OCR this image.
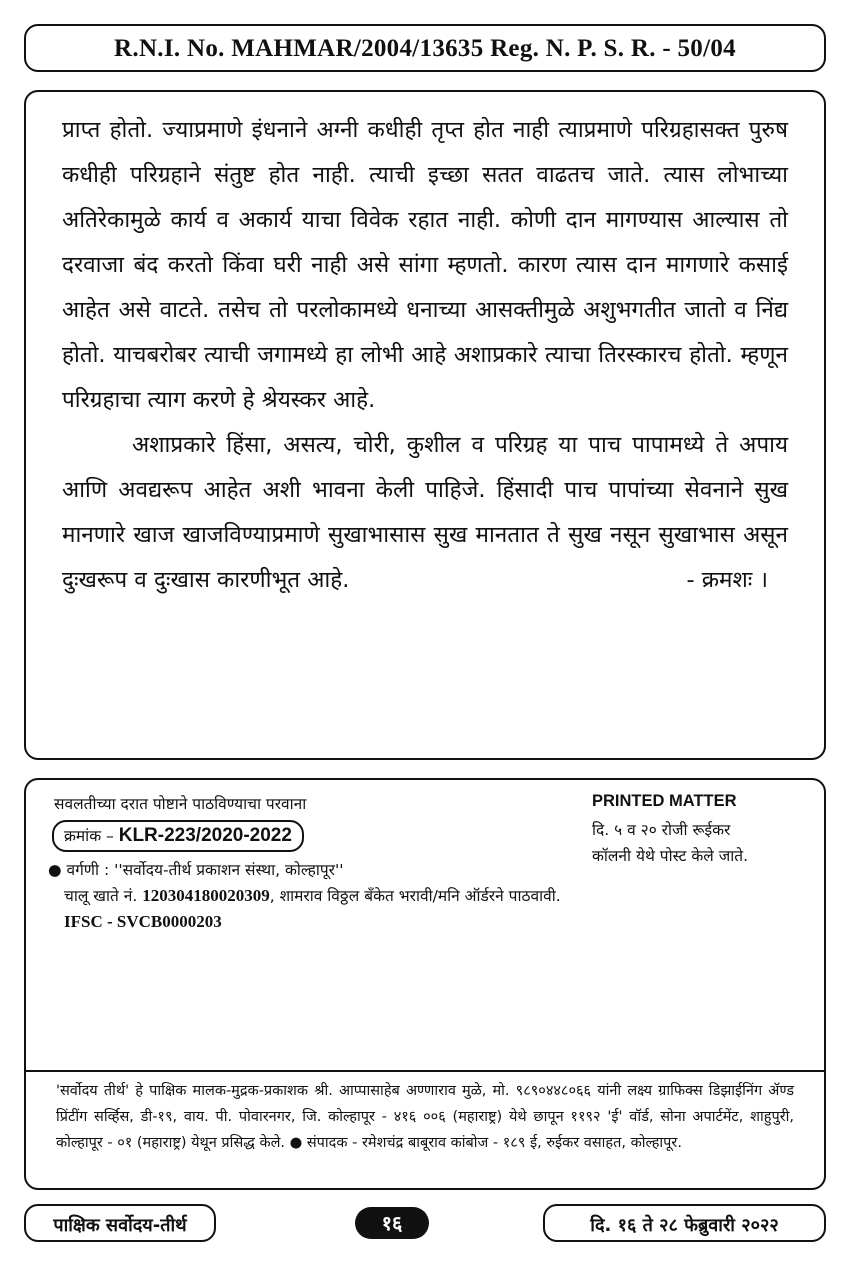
R.N.I. No. MAHMAR/2004/13635 Reg. N. P. S. R. - 50/04

प्राप्त होतो. ज्याप्रमाणे इंधनाने अग्नी कधीही तृप्त होत नाही त्याप्रमाणे परिग्रहासक्त पुरुष कधीही परिग्रहाने संतुष्ट होत नाही. त्याची इच्छा सतत वाढतच जाते. त्यास लोभाच्या अतिरेकामुळे कार्य व अकार्य याचा विवेक रहात नाही. कोणी दान मागण्यास आल्यास तो दरवाजा बंद करतो किंवा घरी नाही असे सांगा म्हणतो. कारण त्यास दान मागणारे कसाई आहेत असे वाटते. तसेच तो परलोकामध्ये धनाच्या आसक्तीमुळे अशुभगतीत जातो व निंद्य होतो. याचबरोबर त्याची जगामध्ये हा लोभी आहे अशाप्रकारे त्याचा तिरस्कारच होतो. म्हणून परिग्रहाचा त्याग करणे हे श्रेयस्कर आहे.

अशाप्रकारे हिंसा, असत्य, चोरी, कुशील व परिग्रह या पाच पापामध्ये ते अपाय आणि अवद्यरूप आहेत अशी भावना केली पाहिजे. हिंसादी पाच पापांच्या सेवनाने सुख मानणारे खाज खाजविण्याप्रमाणे सुखाभासास सुख मानतात ते सुख नसून सुखाभास असून दुःखरूप व दुःखास कारणीभूत आहे.	- क्रमशः ।
सवलतीच्या दरात पोष्टाने पाठविण्याचा परवाना
क्रमांक – KLR-223/2020-2022
PRINTED MATTER
दि. ५ व २० रोजी रूईकर
कॉलनी येथे पोस्ट केले जाते.
● वर्गणी : ''सर्वोदय-तीर्थ प्रकाशन संस्था, कोल्हापूर''
चालू खाते नं. 120304180020309, शामराव विठ्ठल बँकेत भरावी/मनि ऑर्डरने पाठवावी.
IFSC - SVCB0000203
'सर्वोदय तीर्थ' हे पाक्षिक मालक-मुद्रक-प्रकाशक श्री. आप्पासाहेब अण्णाराव मुळे, मो. ९८९०४४८०६६ यांनी लक्ष्य ग्राफिक्स डिझाईनिंग ॲण्ड प्रिंटींग सर्व्हिस, डी-१९, वाय. पी. पोवारनगर, जि. कोल्हापूर - ४१६ ००६ (महाराष्ट्र) येथे छापून ११९२ 'ई' वॉर्ड, सोना अपार्टमेंट, शाहुपुरी, कोल्हापूर - ०१ (महाराष्ट्र) येथून प्रसिद्ध केले. ● संपादक - रमेशचंद्र बाबूराव कांबोज - १८९ ई, रुईकर वसाहत, कोल्हापूर.
पाक्षिक सर्वोदय-तीर्थ	१६	दि. १६ ते २८ फेब्रुवारी २०२२
